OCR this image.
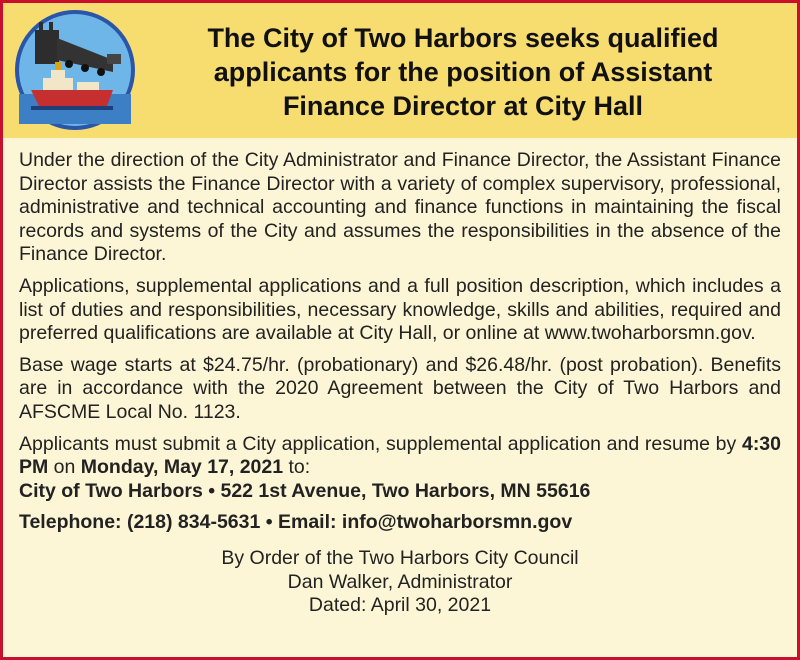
The City of Two Harbors seeks qualified
applicants for the position of Assistant
Finance Director at City Hall

Under the direction of the City Administrator and Finance Director, the Assistant Finance Director assists the Finance Director with a variety of complex supervisory, professional, administrative and technical accounting and finance functions in maintaining the fiscal records and systems of the City and assumes the responsibilities in the absence of the Finance Director.

Applications, supplemental applications and a full position description, which includes a list of duties and responsibilities, necessary knowledge, skills and abilities, required and preferred qualifications are available at City Hall, or online at www.twoharborsmn.gov.

Base wage starts at $24.75/hr. (probationary) and $26.48/hr. (post probation). Benefits are in accordance with the 2020 Agreement between the City of Two Harbors and AFSCME Local No. 1123.

Applicants must submit a City application, supplemental application and resume by 4:30 PM on Monday, May 17, 2021 to:

City of Two Harbors • 522 1st Avenue, Two Harbors, MN 55616

Telephone: (218) 834-5631 • Email: info@twoharborsmn.gov

By Order of the Two Harbors City Council
Dan Walker, Administrator
Dated: April 30, 2021
